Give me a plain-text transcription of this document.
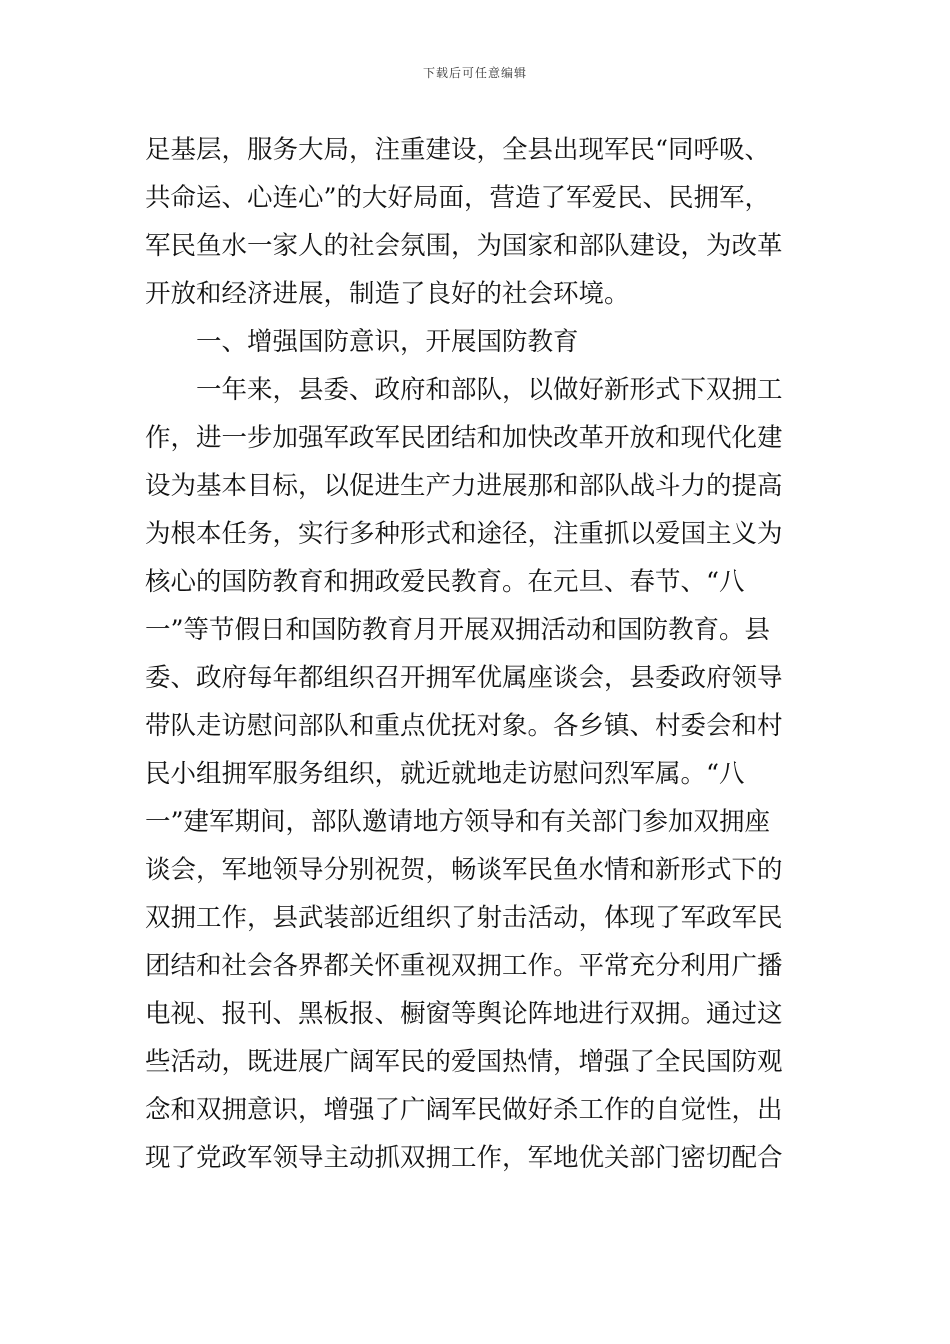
下载后可任意编辑
足基层，服务大局，注重建设，全县出现军民“同呼吸、
共命运、心连心”的大好局面，营造了军爱民、民拥军，
军民鱼水一家人的社会氛围，为国家和部队建设，为改革
开放和经济进展，制造了良好的社会环境。
一、增强国防意识，开展国防教育
一年来，县委、政府和部队，以做好新形式下双拥工
作，进一步加强军政军民团结和加快改革开放和现代化建
设为基本目标，以促进生产力进展那和部队战斗力的提高
为根本任务，实行多种形式和途径，注重抓以爱国主义为
核心的国防教育和拥政爱民教育。在元旦、春节、“八
一”等节假日和国防教育月开展双拥活动和国防教育。县
委、政府每年都组织召开拥军优属座谈会，县委政府领导
带队走访慰问部队和重点优抚对象。各乡镇、村委会和村
民小组拥军服务组织，就近就地走访慰问烈军属。“八
一”建军期间，部队邀请地方领导和有关部门参加双拥座
谈会，军地领导分别祝贺，畅谈军民鱼水情和新形式下的
双拥工作，县武装部近组织了射击活动，体现了军政军民
团结和社会各界都关怀重视双拥工作。平常充分利用广播
电视、报刊、黑板报、橱窗等舆论阵地进行双拥。通过这
些活动，既进展广阔军民的爱国热情，增强了全民国防观
念和双拥意识，增强了广阔军民做好杀工作的自觉性，出
现了党政军领导主动抓双拥工作，军地优关部门密切配合
